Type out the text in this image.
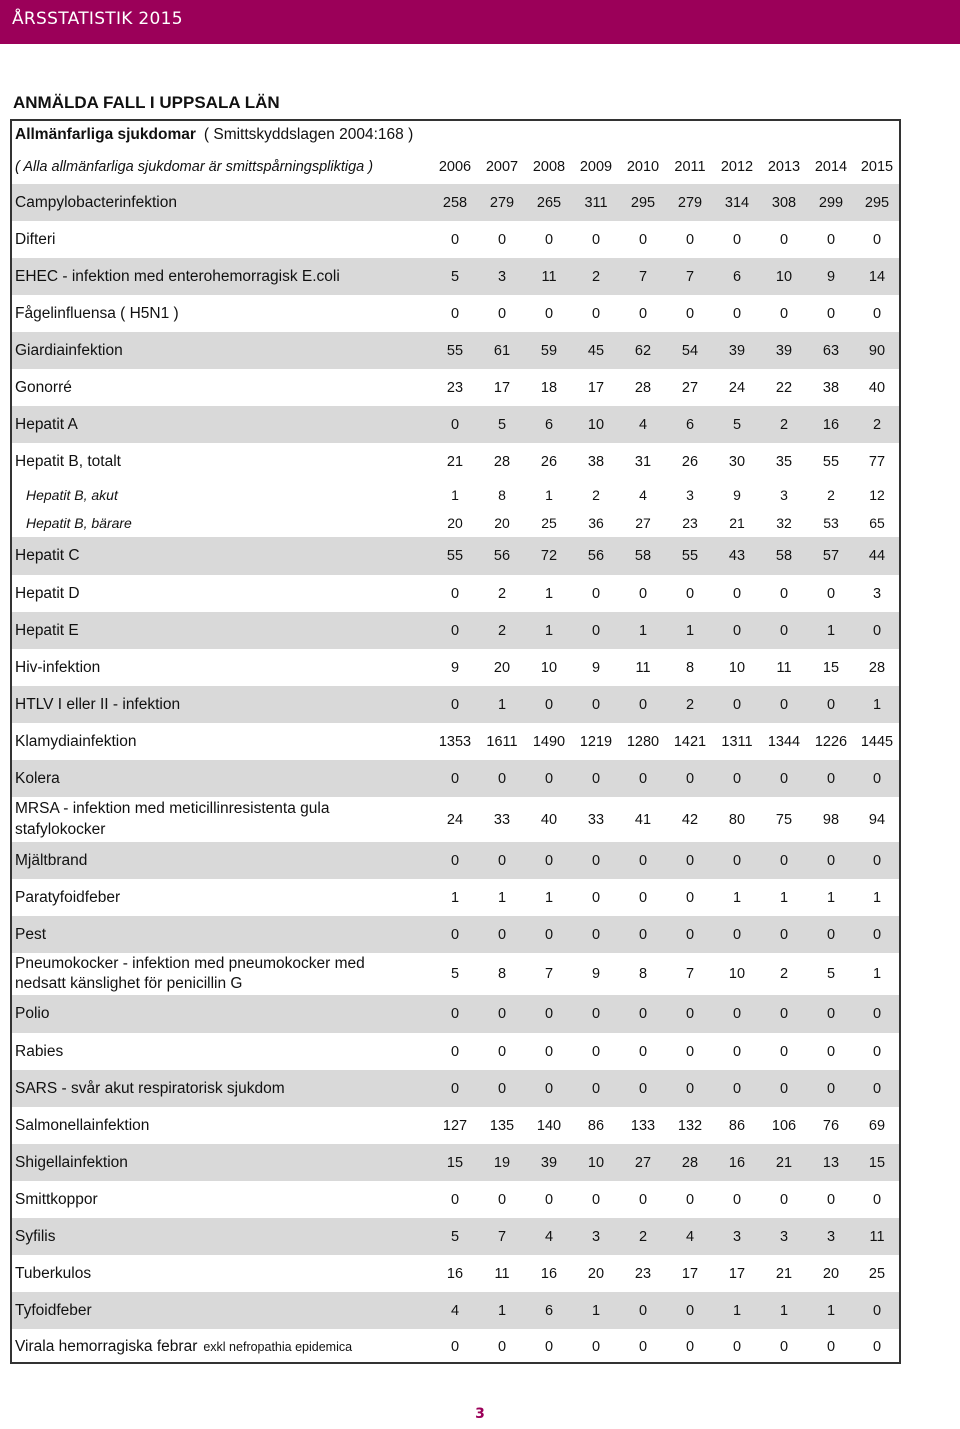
ÅRSSTATISTIK 2015
ANMÄLDA FALL I UPPSALA LÄN
Allmänfarliga sjukdomar ( Smittskyddslagen 2004:168 )
( Alla allmänfarliga sjukdomar är smittspårningspliktiga )	2006	2007	2008	2009	2010	2011	2012	2013	2014 2015
Campylobacterinfektion	258	279	265	311	295	279	314	308	299	295
Difteri	0	0	0	0	0	0	0	0	0	0
EHEC - infektion med enterohemorragisk E.coli	5	3	11	2	7	7	6	10	9	14
Fågelinfluensa ( H5N1 )	0	0	0	0	0	0	0	0	0	0
Giardiainfektion	55	61	59	45	62	54	39	39	63	90
Gonorré	23	17	18	17	28	27	24	22	38	40
Hepatit A	0	5	6	10	4	6	5	2	16	2
Hepatit B, totalt	21	28	26	38	31	26	30	35	55	77
Hepatit B, akut	1	8	1	2	4	3	9	3	2	12
Hepatit B, bärare	20	20	25	36	27	23	21	32	53	65
Hepatit C	55	56	72	56	58	55	43	58	57	44
Hepatit D	0	2	1	0	0	0	0	0	0	3
Hepatit E	0	2	1	0	1	1	0	0	1	0
Hiv-infektion	9	20	10	9	11	8	10	11	15	28
HTLV I eller II - infektion	0	1	0	0	0	2	0	0	0	1
Klamydiainfektion	1353	1611	1490	1219	1280	1421	1311	1344	1226 1445
Kolera	0	0	0	0	0	0	0	0	0	0
MRSA - infektion med meticillinresistenta gula stafylokocker
24	33	40	33	41	42	80	75	98	94
Mjältbrand	0	0	0	0	0	0	0	0	0	0
Paratyfoidfeber	1	1	1	0	0	0	1	1	1	1
Pest	0	0	0	0	0	0	0	0	0	0
Pneumokocker - infektion med pneumokocker med nedsatt känslighet för penicillin G
5	8	7	9	8	7	10	2	5	1
Polio	0	0	0	0	0	0	0	0	0	0
Rabies	0	0	0	0	0	0	0	0	0	0
SARS - svår akut respiratorisk sjukdom	0	0	0	0	0	0	0	0	0	0
Salmonellainfektion	127	135	140	86	133	132	86	106	76	69
Shigellainfektion	15	19	39	10	27	28	16	21	13	15
Smittkoppor	0	0	0	0	0	0	0	0	0	0
Syfilis	5	7	4	3	2	4	3	3	3	11
Tuberkulos	16	11	16	20	23	17	17	21	20	25
Tyfoidfeber	4	1	6	1	0	0	1	1	1	0
Virala hemorragiska febrar exkl nefropathia epidemica	0	0	0	0	0	0	0	0	0	0
3
